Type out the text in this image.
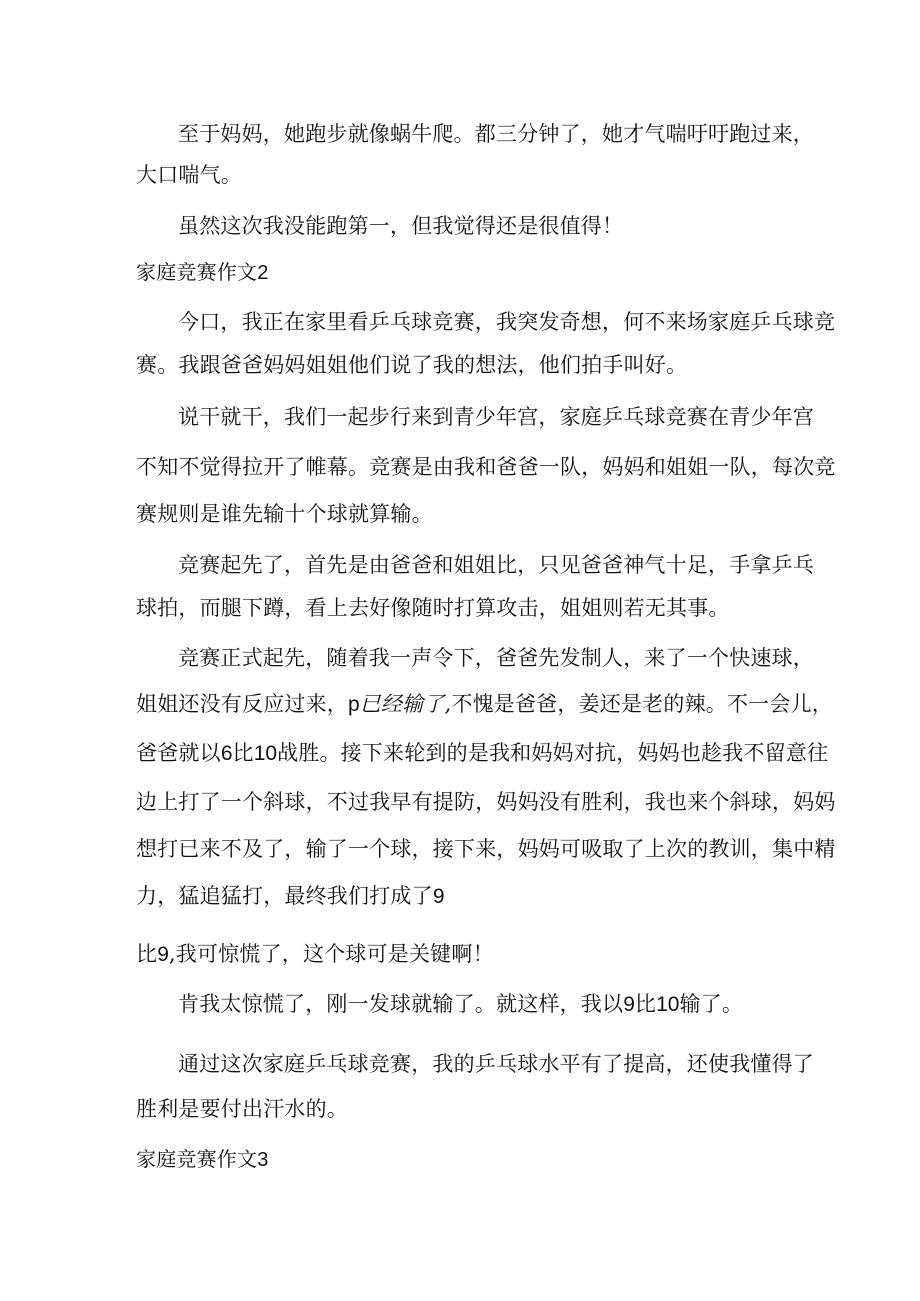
至于妈妈，她跑步就像蜗牛爬。都三分钟了，她才气喘吁吁跑过来，
大口喘气。
虽然这次我没能跑第一，但我觉得还是很值得！
家庭竞赛作文2
今口，我正在家里看乒乓球竞赛，我突发奇想，何不来场家庭乒乓球竞
赛。我跟爸爸妈妈姐姐他们说了我的想法，他们拍手叫好。
说干就干，我们一起步行来到青少年宫，家庭乒乓球竞赛在青少年宫
不知不觉得拉开了帷幕。竞赛是由我和爸爸一队，妈妈和姐姐一队，每次竞
赛规则是谁先输十个球就算输。
竞赛起先了，首先是由爸爸和姐姐比，只见爸爸神气十足，手拿乒乓
球拍，而腿下蹲，看上去好像随时打算攻击，姐姐则若无其事。
竞赛正式起先，随着我一声令下，爸爸先发制人，来了一个快速球，
姐姐还没有反应过来，p已经输了,不愧是爸爸，姜还是老的辣。不一会儿，
爸爸就以6比10战胜。接下来轮到的是我和妈妈对抗，妈妈也趁我不留意往
边上打了一个斜球，不过我早有提防，妈妈没有胜利，我也来个斜球，妈妈
想打已来不及了，输了一个球，接下来，妈妈可吸取了上次的教训，集中精
力，猛追猛打，最终我们打成了9
比9,我可惊慌了，这个球可是关键啊！
肯我太惊慌了，刚一发球就输了。就这样，我以9比10输了。
通过这次家庭乒乓球竞赛，我的乒乓球水平有了提高，还使我懂得了
胜利是要付出汗水的。
家庭竞赛作文3
